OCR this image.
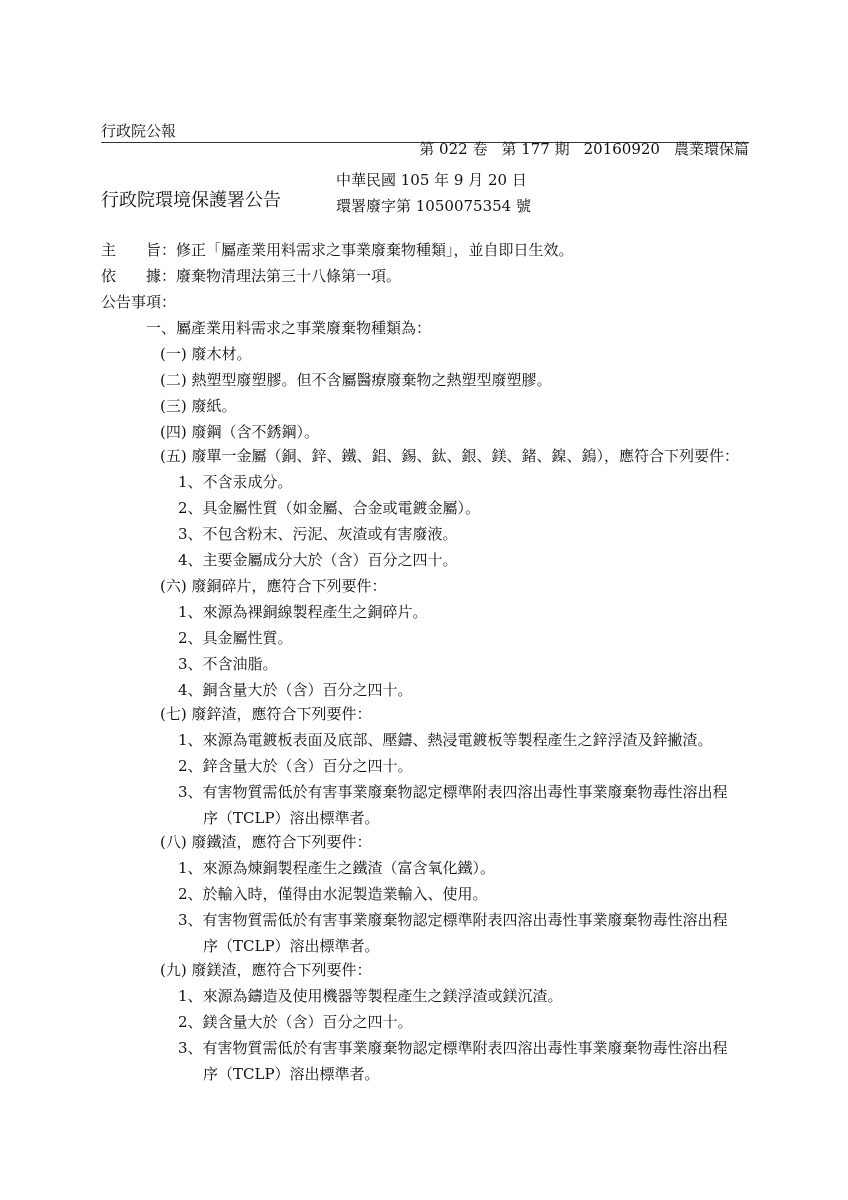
行政院公報

第 022 卷 第 177 期 20160920 農業環保篇

行政院環境保護署公告
中華民國 105 年 9 月 20 日
環署廢字第 1050075354 號
主　　旨：修正「屬產業用料需求之事業廢棄物種類」，並自即日生效。
依　　據：廢棄物清理法第三十八條第一項。
公告事項：
一、屬產業用料需求之事業廢棄物種類為：
(一) 廢木材。
(二) 熱塑型廢塑膠。但不含屬醫療廢棄物之熱塑型廢塑膠。
(三) 廢紙。
(四) 廢鋼（含不銹鋼）。
(五) 廢單一金屬（銅、鋅、鐵、鋁、錫、鈦、銀、鎂、鍺、鎳、鎢），應符合下列要件：
1、不含汞成分。
2、具金屬性質（如金屬、合金或電鍍金屬）。
3、不包含粉末、污泥、灰渣或有害廢液。
4、主要金屬成分大於（含）百分之四十。
(六) 廢銅碎片，應符合下列要件：
1、來源為裸銅線製程產生之銅碎片。
2、具金屬性質。
3、不含油脂。
4、銅含量大於（含）百分之四十。
(七) 廢鋅渣，應符合下列要件：
1、來源為電鍍板表面及底部、壓鑄、熱浸電鍍板等製程產生之鋅浮渣及鋅撇渣。
2、鋅含量大於（含）百分之四十。
3、有害物質需低於有害事業廢棄物認定標準附表四溶出毒性事業廢棄物毒性溶出程
序（TCLP）溶出標準者。
(八) 廢鐵渣，應符合下列要件：
1、來源為煉銅製程產生之鐵渣（富含氧化鐵）。
2、於輸入時，僅得由水泥製造業輸入、使用。
3、有害物質需低於有害事業廢棄物認定標準附表四溶出毒性事業廢棄物毒性溶出程
序（TCLP）溶出標準者。
(九) 廢鎂渣，應符合下列要件：
1、來源為鑄造及使用機器等製程產生之鎂浮渣或鎂沉渣。
2、鎂含量大於（含）百分之四十。
3、有害物質需低於有害事業廢棄物認定標準附表四溶出毒性事業廢棄物毒性溶出程
序（TCLP）溶出標準者。
